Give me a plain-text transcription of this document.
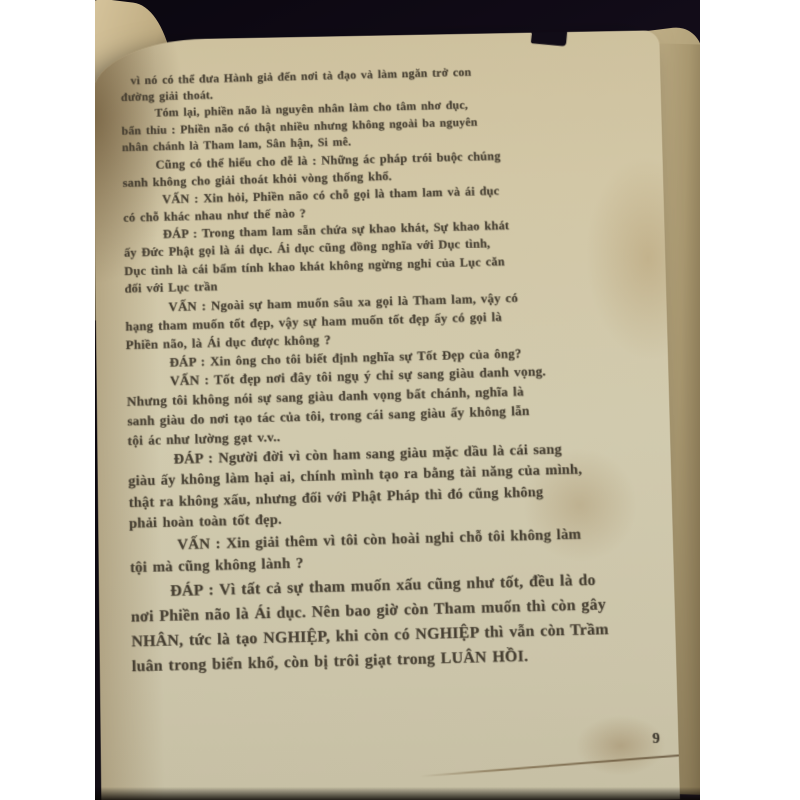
vì nó có thể đưa Hành giả đến nơi tà đạo và làm ngăn trở con
đường giải thoát.

Tóm lại, phiền não là nguyên nhân làm cho tâm nhơ đục,
bẩn thỉu : Phiền não có thật nhiều nhưng không ngoài ba nguyên
nhân chánh là Tham lam, Sân hận, Si mê.

Cũng có thể hiểu cho dễ là : Những ác pháp trói buộc chúng
sanh không cho giải thoát khỏi vòng thống khổ.

VẤN : Xin hỏi, Phiền não có chỗ gọi là tham lam và ái dục
có chỗ khác nhau như thế nào ?

ĐÁP : Trong tham lam sẵn chứa sự khao khát, Sự khao khát
ấy Đức Phật gọi là ái dục. Ái dục cũng đồng nghĩa với Dục tình,
Dục tình là cái bẩm tính khao khát không ngừng nghỉ của Lục căn
đối với Lục trần

VẤN : Ngoài sự ham muốn sâu xa gọi là Tham lam, vậy có
hạng tham muốn tốt đẹp, vậy sự ham muốn tốt đẹp ấy có gọi là
Phiền não, là Ái dục được không ?

ĐÁP : Xin ông cho tôi biết định nghĩa sự Tốt Đẹp của ông?

VẤN : Tốt đẹp nơi đây tôi ngụ ý chỉ sự sang giàu danh vọng.
Nhưng tôi không nói sự sang giàu danh vọng bất chánh, nghĩa là
sanh giàu do nơi tạo tác của tôi, trong cái sang giàu ấy không lẫn
tội ác như lường gạt v.v..

ĐÁP : Người đời vì còn ham sang giàu mặc dầu là cái sang
giàu ấy không làm hại ai, chính mình tạo ra bằng tài năng của mình,
thật ra không xấu, nhưng đối với Phật Pháp thì đó cũng không
phải hoàn toàn tốt đẹp.

VẤN : Xin giải thêm vì tôi còn hoài nghi chỗ tôi không làm
tội mà cũng không lành ?

ĐÁP : Vì tất cả sự tham muốn xấu cũng như tốt, đều là do
nơi Phiền não là Ái dục. Nên bao giờ còn Tham muốn thì còn gây
NHÂN, tức là tạo NGHIỆP, khi còn có NGHIỆP thì vẫn còn Trầm
luân trong biển khổ, còn bị trôi giạt trong LUÂN HỒI.

9
